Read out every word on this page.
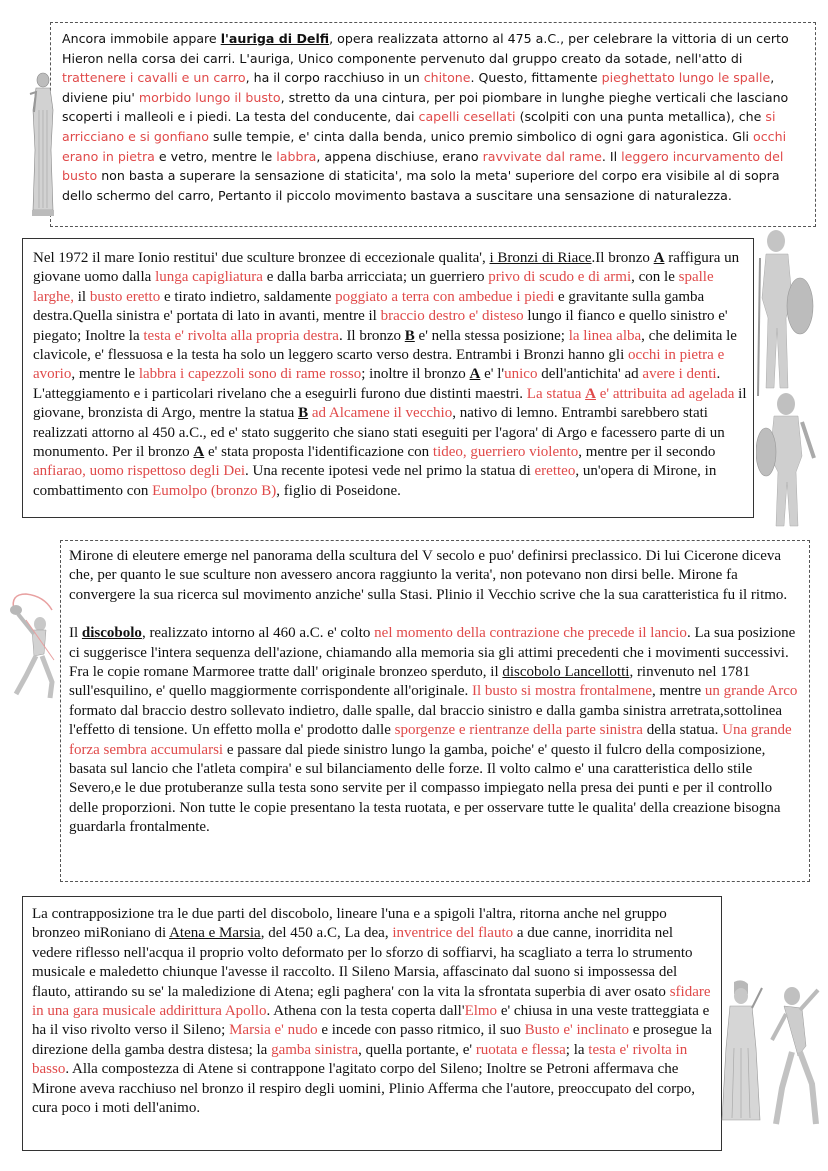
Ancora immobile appare l'auriga di Delfi, opera realizzata attorno al 475 a.C., per celebrare la vittoria di un certo Hieron nella corsa dei carri. L'auriga, Unico componente pervenuto dal gruppo creato da sotade, nell'atto di trattenere i cavalli e un carro, ha il corpo racchiuso in un chitone. Questo, fittamente pieghettato lungo le spalle, diviene piu' morbido lungo il busto, stretto da una cintura, per poi piombare in lunghe pieghe verticali che lasciano scoperti i malleoli e i piedi. La testa del conducente, dai capelli cesellati (scolpiti con una punta metallica), che si arricciano e si gonfiano sulle tempie, e' cinta dalla benda, unico premio simbolico di ogni gara agonistica. Gli occhi erano in pietra e vetro, mentre le labbra, appena dischiuse, erano ravvivate dal rame. Il leggero incurvamento del busto non basta a superare la sensazione di staticita', ma solo la meta' superiore del corpo era visibile al di sopra dello schermo del carro, Pertanto il piccolo movimento bastava a suscitare una sensazione di naturalezza.

Nel 1972 il mare Ionio restitui' due sculture bronzee di eccezionale qualita', i Bronzi di Riace.Il bronzo A raffigura un giovane uomo dalla lunga capigliatura e dalla barba arricciata; un guerriero privo di scudo e di armi, con le spalle larghe, il busto eretto e tirato indietro, saldamente poggiato a terra con ambedue i piedi e gravitante sulla gamba destra.Quella sinistra e' portata di lato in avanti, mentre il braccio destro e' disteso lungo il fianco e quello sinistro e' piegato; Inoltre la testa e' rivolta alla propria destra. Il bronzo B e' nella stessa posizione; la linea alba, che delimita le clavicole, e' flessuosa e la testa ha solo un leggero scarto verso destra. Entrambi i Bronzi hanno gli occhi in pietra e avorio, mentre le labbra i capezzoli sono di rame rosso; inoltre il bronzo A e' l'unico dell'antichita' ad avere i denti. L'atteggiamento e i particolari rivelano che a eseguirli furono due distinti maestri. La statua A e' attribuita ad agelada il giovane, bronzista di Argo, mentre la statua B ad Alcamene il vecchio, nativo di lemno. Entrambi sarebbero stati realizzati attorno al 450 a.C., ed e' stato suggerito che siano stati eseguiti per l'agora' di Argo e facessero parte di un monumento. Per il bronzo A e' stata proposta l'identificazione con tideo, guerriero violento, mentre per il secondo anfiarao, uomo rispettoso degli Dei. Una recente ipotesi vede nel primo la statua di eretteo, un'opera di Mirone, in combattimento con Eumolpo (bronzo B), figlio di Poseidone.

Mirone di eleutere emerge nel panorama della scultura del V secolo e puo' definirsi preclassico. Di lui Cicerone diceva che, per quanto le sue sculture non avessero ancora raggiunto la verita', non potevano non dirsi belle. Mirone fa convergere la sua ricerca sul movimento anziche' sulla Stasi. Plinio il Vecchio scrive che la sua caratteristica fu il ritmo.

Il discobolo, realizzato intorno al 460 a.C. e' colto nel momento della contrazione che precede il lancio. La sua posizione ci suggerisce l'intera sequenza dell'azione, chiamando alla memoria sia gli attimi precedenti che i movimenti successivi. Fra le copie romane Marmoree tratte dall' originale bronzeo sperduto, il discobolo Lancellotti, rinvenuto nel 1781 sull'esquilino, e' quello maggiormente corrispondente all'originale. Il busto si mostra frontalmene, mentre un grande Arco formato dal braccio destro sollevato indietro, dalle spalle, dal braccio sinistro e dalla gamba sinistra arretrata,sottolinea l'effetto di tensione. Un effetto molla e' prodotto dalle sporgenze e rientranze della parte sinistra della statua. Una grande forza sembra accumularsi e passare dal piede sinistro lungo la gamba, poiche' e' questo il fulcro della composizione, basata sul lancio che l'atleta compira' e sul bilanciamento delle forze. Il volto calmo e' una caratteristica dello stile Severo,e le due protuberanze sulla testa sono servite per il compasso impiegato nella presa dei punti e per il controllo delle proporzioni. Non tutte le copie presentano la testa ruotata, e per osservare tutte le qualita' della creazione bisogna guardarla frontalmente.

La contrapposizione tra le due parti del discobolo, lineare l'una e a spigoli l'altra, ritorna anche nel gruppo bronzeo miRoniano di Atena e Marsia, del 450 a.C, La dea, inventrice del flauto a due canne, inorridita nel vedere riflesso nell'acqua il proprio volto deformato per lo sforzo di soffiarvi, ha scagliato a terra lo strumento musicale e maledetto chiunque l'avesse il raccolto. Il Sileno Marsia, affascinato dal suono si impossessa del flauto, attirando su se' la maledizione di Atena; egli paghera' con la vita la sfrontata superbia di aver osato sfidare in una gara musicale addirittura Apollo. Athena con la testa coperta dall'Elmo e' chiusa in una veste tratteggiata e ha il viso rivolto verso il Sileno; Marsia e' nudo e incede con passo ritmico, il suo Busto e' inclinato e prosegue la direzione della gamba destra distesa; la gamba sinistra, quella portante, e' ruotata e flessa; la testa e' rivolta in basso. Alla compostezza di Atene si contrappone l'agitato corpo del Sileno; Inoltre se Petroni affermava che Mirone aveva racchiuso nel bronzo il respiro degli uomini, Plinio Afferma che l'autore, preoccupato del corpo, cura poco i moti dell'animo.
